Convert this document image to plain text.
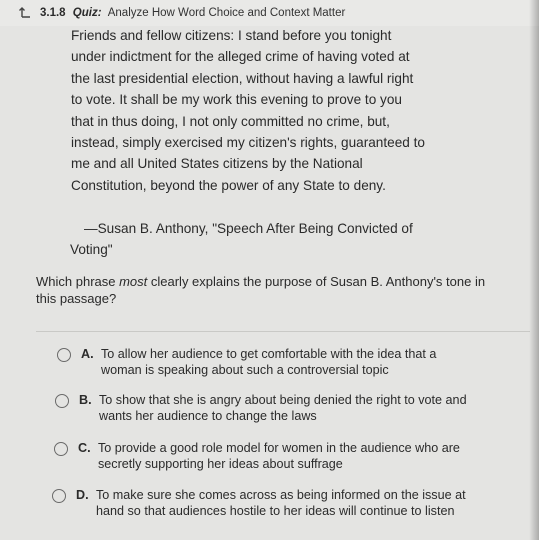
3.1.8 Quiz: Analyze How Word Choice and Context Matter
Friends and fellow citizens: I stand before you tonight
under indictment for the alleged crime of having voted at
the last presidential election, without having a lawful right
to vote. It shall be my work this evening to prove to you
that in thus doing, I not only committed no crime, but,
instead, simply exercised my citizen's rights, guaranteed to
me and all United States citizens by the National
Constitution, beyond the power of any State to deny.
—Susan B. Anthony, "Speech After Being Convicted of
Voting"
Which phrase most clearly explains the purpose of Susan B. Anthony's tone in this passage?
A. To allow her audience to get comfortable with the idea that a
woman is speaking about such a controversial topic
B. To show that she is angry about being denied the right to vote and
wants her audience to change the laws
C. To provide a good role model for women in the audience who are
secretly supporting her ideas about suffrage
D. To make sure she comes across as being informed on the issue at
hand so that audiences hostile to her ideas will continue to listen
